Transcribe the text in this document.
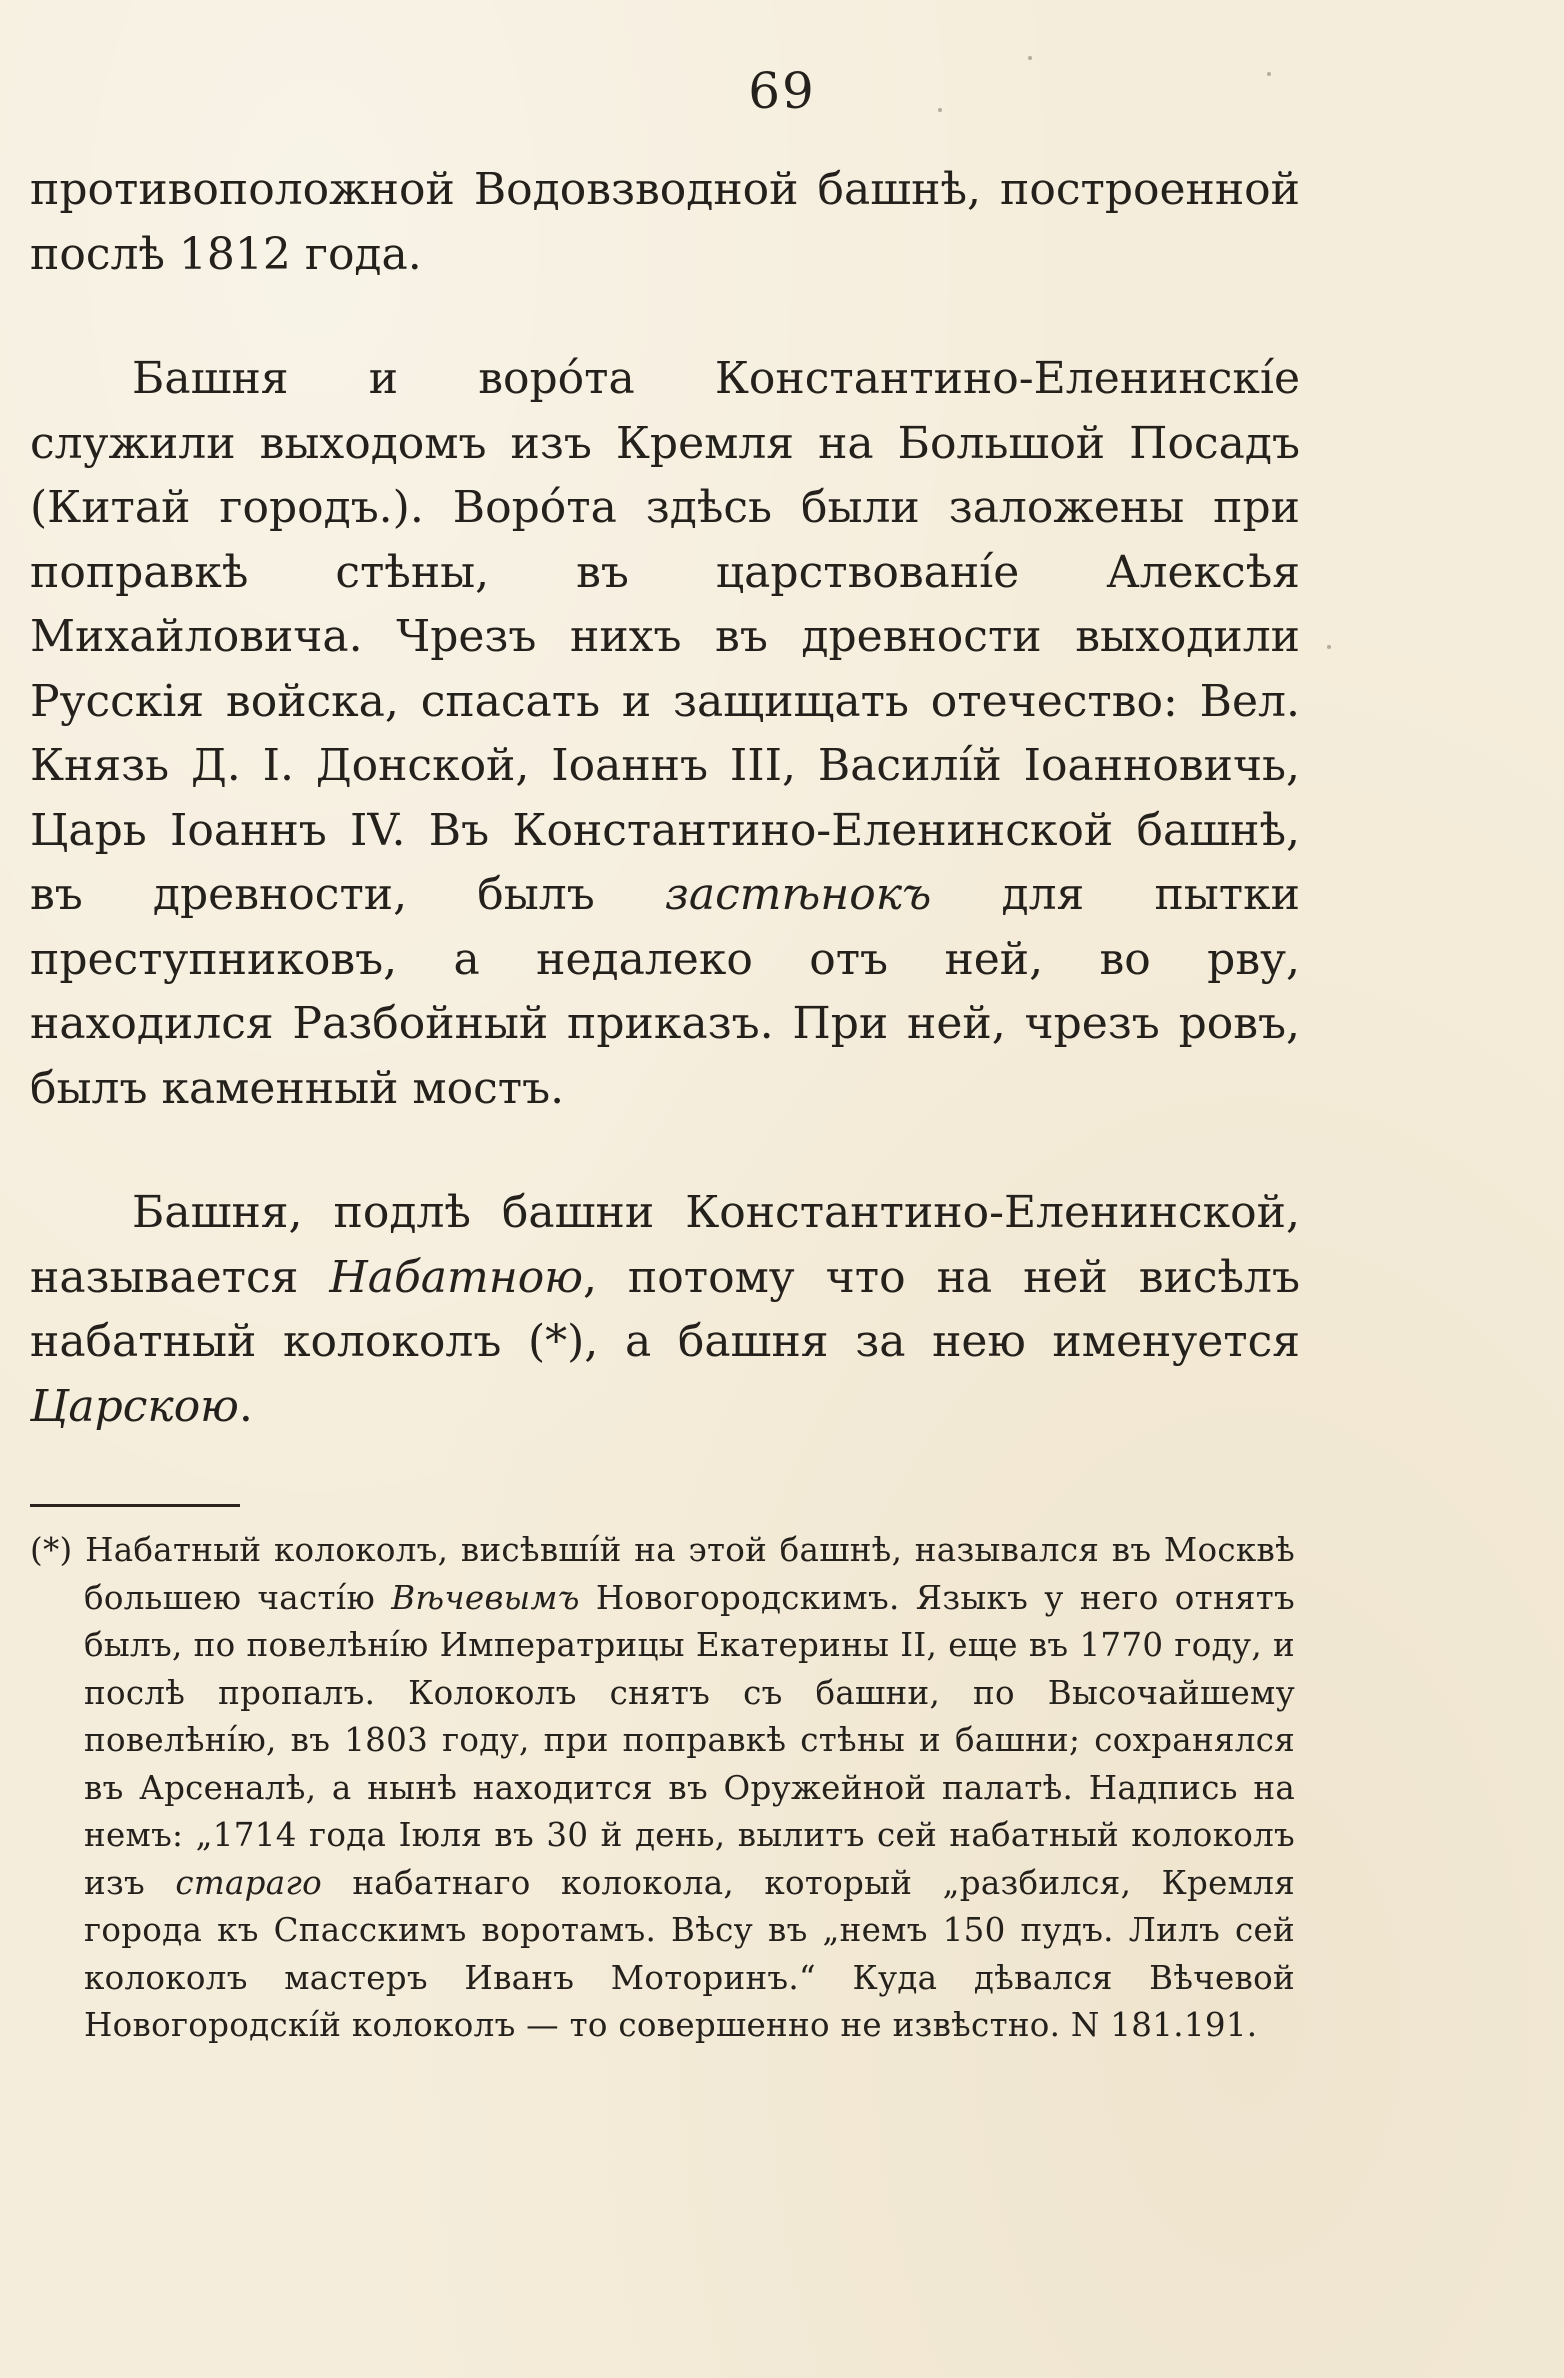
69

противоположной Водовзводной башнѣ, построенной послѣ 1812 года.

Башня и ворóта Константино-Еленинскíе служили выходомъ изъ Кремля на Большой Посадъ (Китай городъ.). Ворóта здѣсь были заложены при поправкѣ стѣны, въ царствованíе Алексѣя Михайловича. Чрезъ нихъ въ древности выходили Русскія войска, спасать и защищать отечество: Вел. Князь Д. I. Донской, Iоаннъ III, Василíй Iоанновичь, Царь Iоаннъ IV. Въ Константино-Еленинской башнѣ, въ древности, былъ застѣнокъ для пытки преступниковъ, а недалеко отъ ней, во рву, находился Разбойный приказъ. При ней, чрезъ ровъ, былъ каменный мостъ.

Башня, подлѣ башни Константино-Еленинской, называется Набатною, потому что на ней висѣлъ набатный колоколъ (*), а башня за нею именуется Царскою.

(*) Набатный колоколъ, висѣвшíй на этой башнѣ, назывался въ Москвѣ большею частíю Вѣчевымъ Новогородскимъ. Языкъ у него отнятъ былъ, по повелѣнíю Императрицы Екатерины II, еще въ 1770 году, и послѣ пропалъ. Колоколъ снятъ съ башни, по Высочайшему повелѣнíю, въ 1803 году, при поправкѣ стѣны и башни; сохранялся въ Арсеналѣ, а нынѣ находится въ Оружейной палатѣ. Надпись на немъ: „1714 года Iюля въ 30 й день, вылитъ сей набатный колоколъ изъ стараго набатнаго колокола, который „разбился, Кремля города къ Спасскимъ воротамъ. Вѣсу въ „немъ 150 пудъ. Лилъ сей колоколъ мастеръ Иванъ Моторинъ.“ Куда дѣвался Вѣчевой Новогородскíй колоколъ — то совершенно не извѣстно. N 181.191.
